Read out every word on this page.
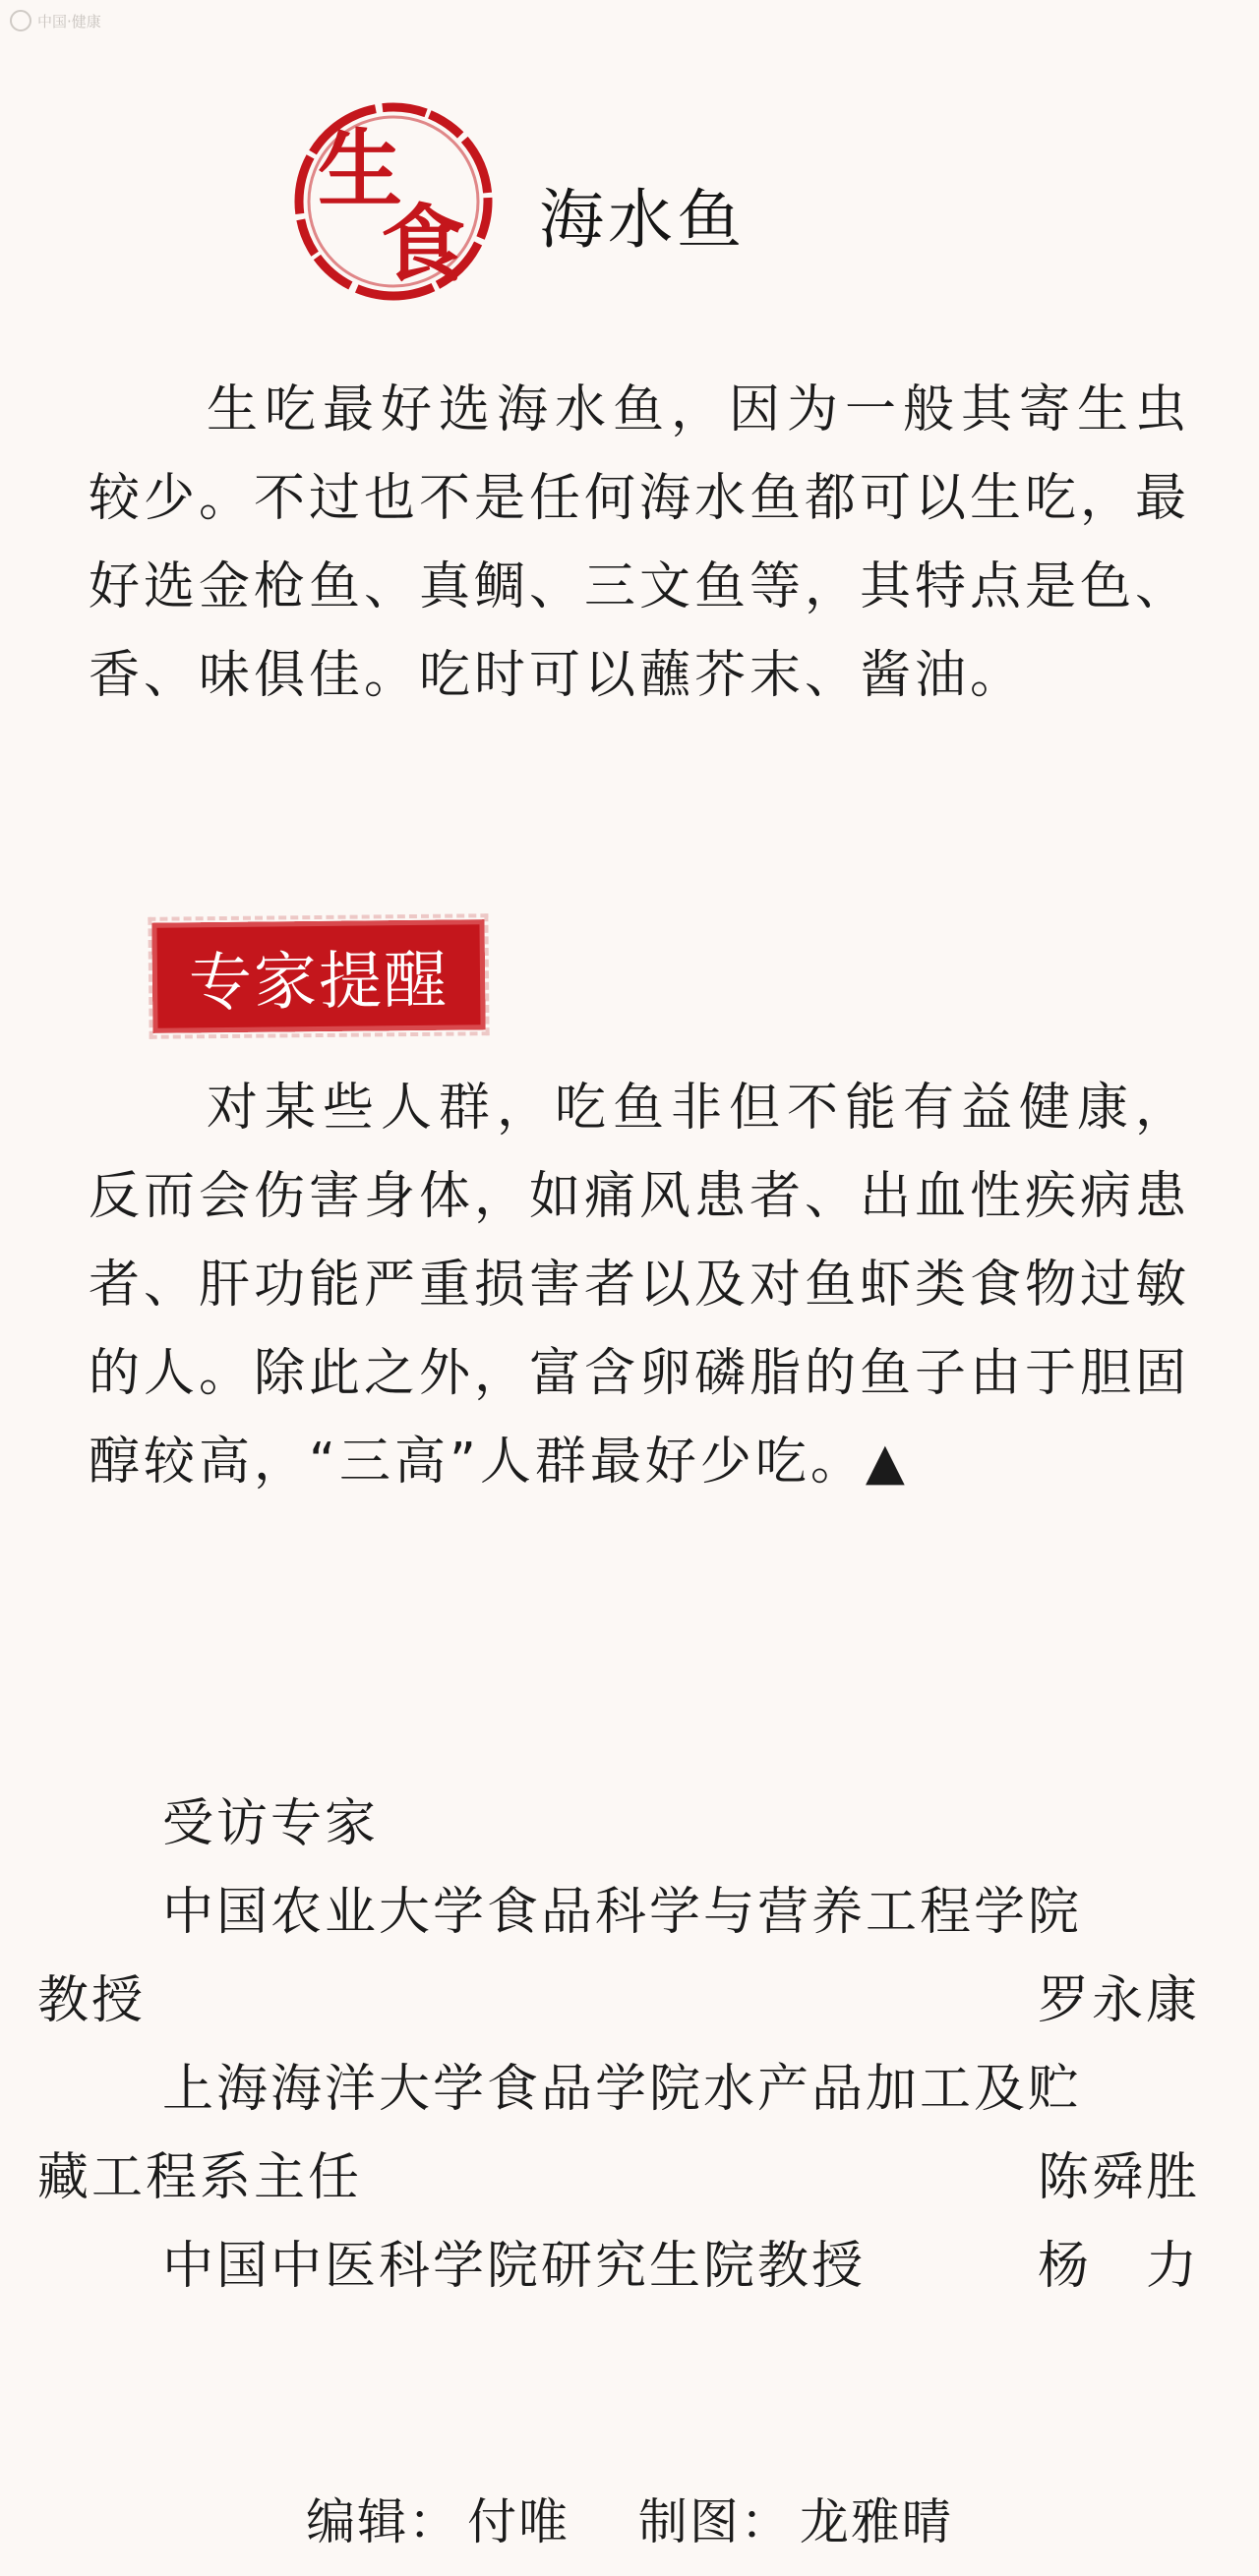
中国·健康
生
食 海水鱼

生吃最好选海水鱼，因为一般其寄生虫较少。不过也不是任何海水鱼都可以生吃，最好选金枪鱼、真鲷、三文鱼等，其特点是色、香、味俱佳。吃时可以蘸芥末、酱油。

专家提醒

对某些人群，吃鱼非但不能有益健康，反而会伤害身体，如痛风患者、出血性疾病患者、肝功能严重损害者以及对鱼虾类食物过敏的人。除此之外，富含卵磷脂的鱼子由于胆固醇较高，“三高”人群最好少吃。▲

受访专家
中国农业大学食品科学与营养工程学院
教授	罗永康
上海海洋大学食品学院水产品加工及贮
藏工程系主任	陈舜胜
中国中医科学院研究生院教授	杨　力
编辑： 付唯 制图： 龙雅晴
